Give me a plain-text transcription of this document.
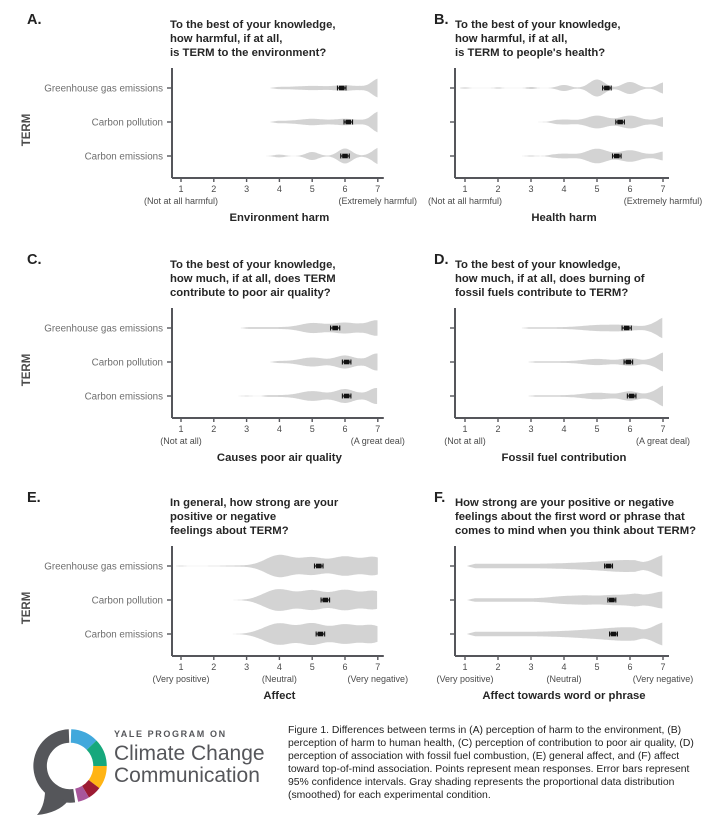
A.	To the best of your knowledge,
how harmful, if at all,
is TERM to the environment?
1	2	3	4	5	6	7
(Not at all harmful)	(Extremely harmful)
Environment harm
Greenhouse gas emissions
Carbon pollution
Carbon emissions
TERM
B. To the best of your knowledge,
how harmful, if at all,
is TERM to people's health?
1	2	3	4	5	6	7
(Not at all harmful)	(Extremely harmful)
Health harm
C.	To the best of your knowledge,
how much, if at all, does TERM
contribute to poor air quality?
1	2	3	4	5	6	7
(Not at all)	(A great deal)
Causes poor air quality
Greenhouse gas emissions
Carbon pollution
Carbon emissions
TERM
D. To the best of your knowledge,
how much, if at all, does burning of
fossil fuels contribute to TERM?
1	2	3	4	5	6	7
(Not at all)	(A great deal)
Fossil fuel contribution
E.	In general, how strong are your
positive or negative
feelings about TERM?
1	2	3	4	5	6	7
(Very positive)	(Neutral)	(Very negative)
Affect
Greenhouse gas emissions
Carbon pollution
Carbon emissions
TERM
F. How strong are your positive or negative
feelings about the first word or phrase that
comes to mind when you think about TERM?
1	2	3	4	5	6	7
(Very positive)	(Neutral)	(Very negative)
Affect towards word or phrase
YALE PROGRAM ON
Climate Change
Communication

Figure 1. Differences between terms in (A) perception of harm to the environment, (B) perception of harm to human health, (C) perception of contribution to poor air quality, (D) perception of association with fossil fuel combustion, (E) general affect, and (F) affect toward top-of-mind association. Points represent mean responses. Error bars represent 95% confidence intervals. Gray shading represents the proportional data distribution (smoothed) for each experimental condition.
